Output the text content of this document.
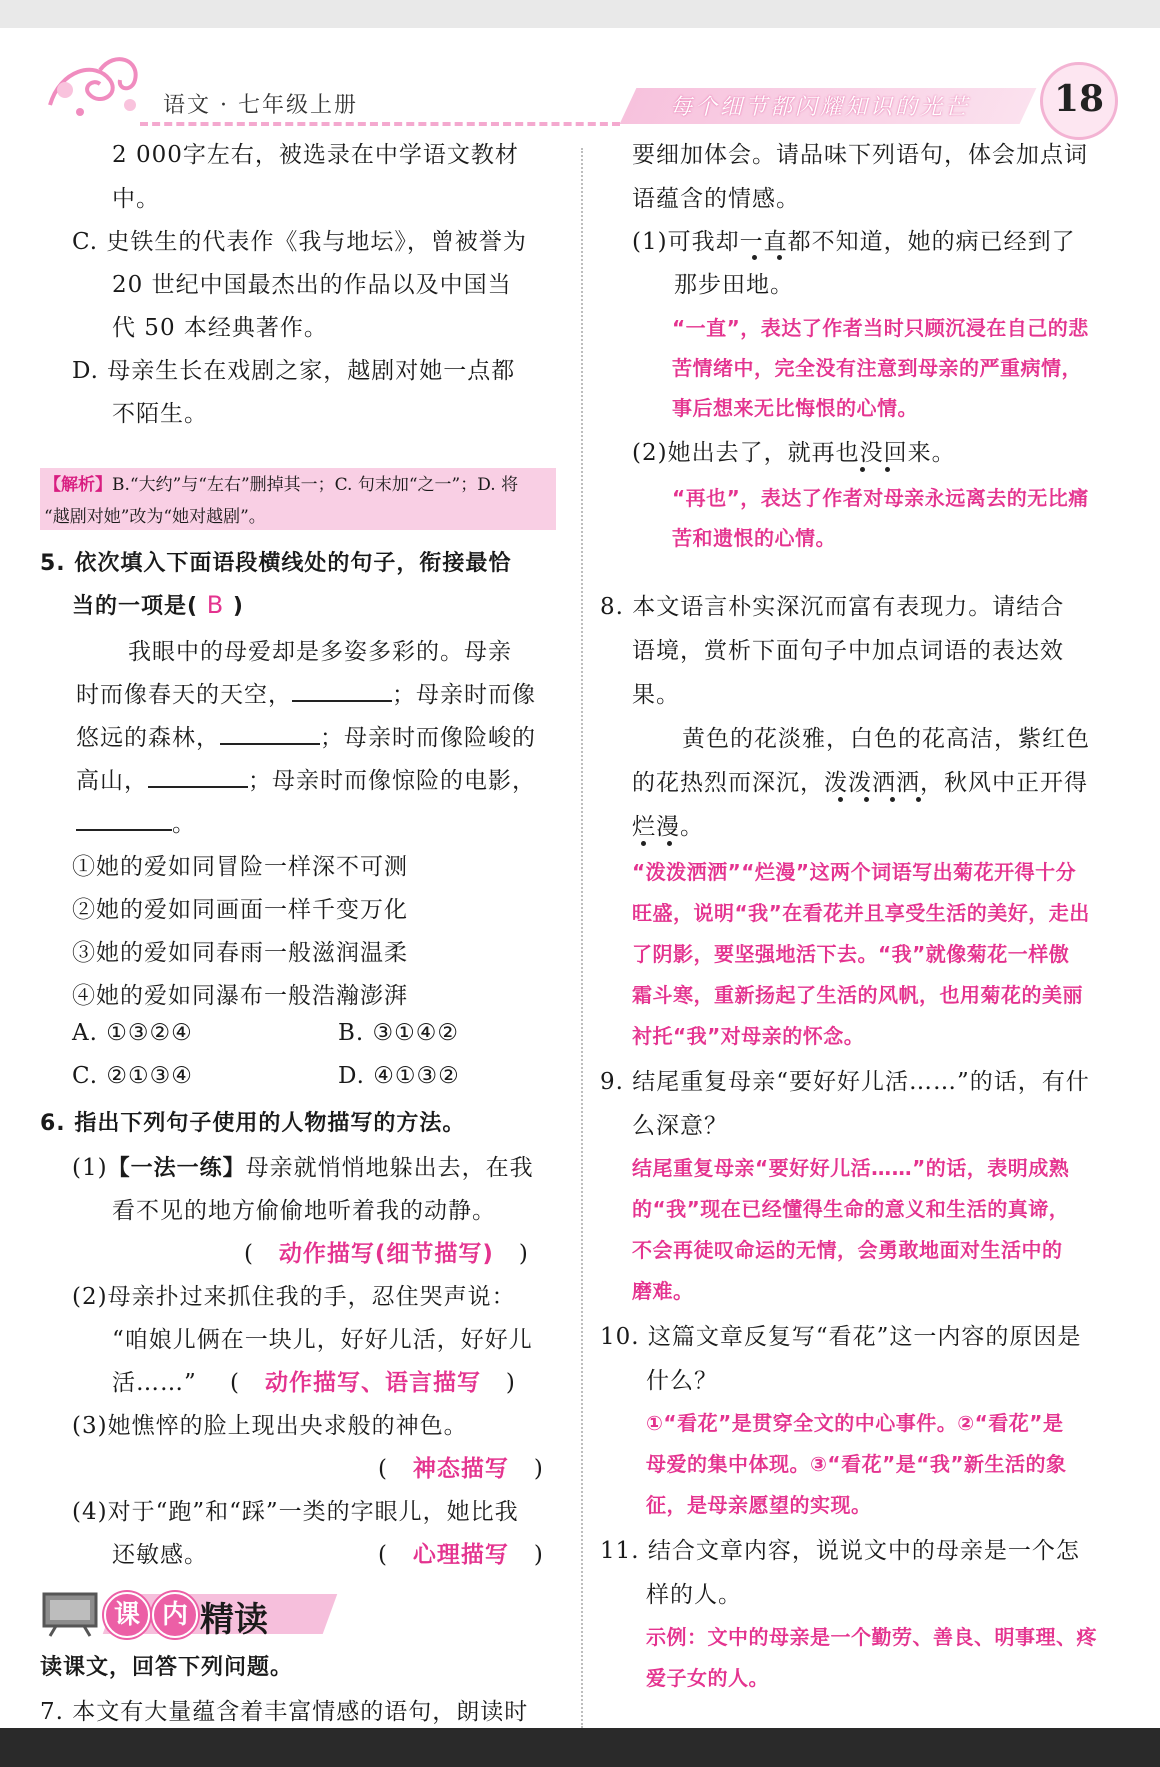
语文 · 七年级上册	每个细节都闪耀知识的光芒	18
2 000字左右，被选录在中学语文教材
中。
C. 史铁生的代表作《我与地坛》，曾被誉为
20 世纪中国最杰出的作品以及中国当
代 50 本经典著作。
D. 母亲生长在戏剧之家，越剧对她一点都
不陌生。
【解析】B.“大约”与“左右”删掉其一；C. 句末加“之一”；D. 将
“越剧对她”改为“她对越剧”。
5. 依次填入下面语段横线处的句子，衔接最恰
当的一项是( B )
我眼中的母爱却是多姿多彩的。母亲
时而像春天的天空，	；母亲时而像
悠远的森林，	；母亲时而像险峻的
高山，	；母亲时而像惊险的电影，
。
①她的爱如同冒险一样深不可测
②她的爱如同画面一样千变万化
③她的爱如同春雨一般滋润温柔
④她的爱如同瀑布一般浩瀚澎湃
A. ①③②④	B. ③①④②
C. ②①③④	D. ④①③②
6. 指出下列句子使用的人物描写的方法。
(1)【一法一练】母亲就悄悄地躲出去，在我
看不见的地方偷偷地听着我的动静。
( 动作描写(细节描写) )
(2)母亲扑过来抓住我的手，忍住哭声说：
“咱娘儿俩在一块儿，好好儿活，好好儿
活……” ( 动作描写、语言描写 )
(3)她憔悴的脸上现出央求般的神色。
( 神态描写 )
(4)对于“跑”和“踩”一类的字眼儿，她比我
还敏感。	( 心理描写 )
课 内 精读
读课文，回答下列问题。
7. 本文有大量蕴含着丰富情感的语句，朗读时
要细加体会。请品味下列语句，体会加点词
语蕴含的情感。
(1)可我却一直都不知道，她的病已经到了
那步田地。
“一直”，表达了作者当时只顾沉浸在自己的悲
苦情绪中，完全没有注意到母亲的严重病情，
事后想来无比悔恨的心情。
(2)她出去了，就再也没回来。
“再也”，表达了作者对母亲永远离去的无比痛
苦和遗恨的心情。
8. 本文语言朴实深沉而富有表现力。请结合
语境，赏析下面句子中加点词语的表达效
果。
黄色的花淡雅，白色的花高洁，紫红色
的花热烈而深沉，泼泼洒洒，秋风中正开得
烂漫。
“泼泼洒洒”“烂漫”这两个词语写出菊花开得十分
旺盛，说明“我”在看花并且享受生活的美好，走出
了阴影，要坚强地活下去。“我”就像菊花一样傲
霜斗寒，重新扬起了生活的风帆，也用菊花的美丽
衬托“我”对母亲的怀念。
9. 结尾重复母亲“要好好儿活……”的话，有什
么深意？
结尾重复母亲“要好好儿活……”的话，表明成熟
的“我”现在已经懂得生命的意义和生活的真谛，
不会再徒叹命运的无情，会勇敢地面对生活中的
磨难。
10. 这篇文章反复写“看花”这一内容的原因是
什么？
①“看花”是贯穿全文的中心事件。②“看花”是
母爱的集中体现。③“看花”是“我”新生活的象
征，是母亲愿望的实现。
11. 结合文章内容，说说文中的母亲是一个怎
样的人。
示例：文中的母亲是一个勤劳、善良、明事理、疼
爱子女的人。
